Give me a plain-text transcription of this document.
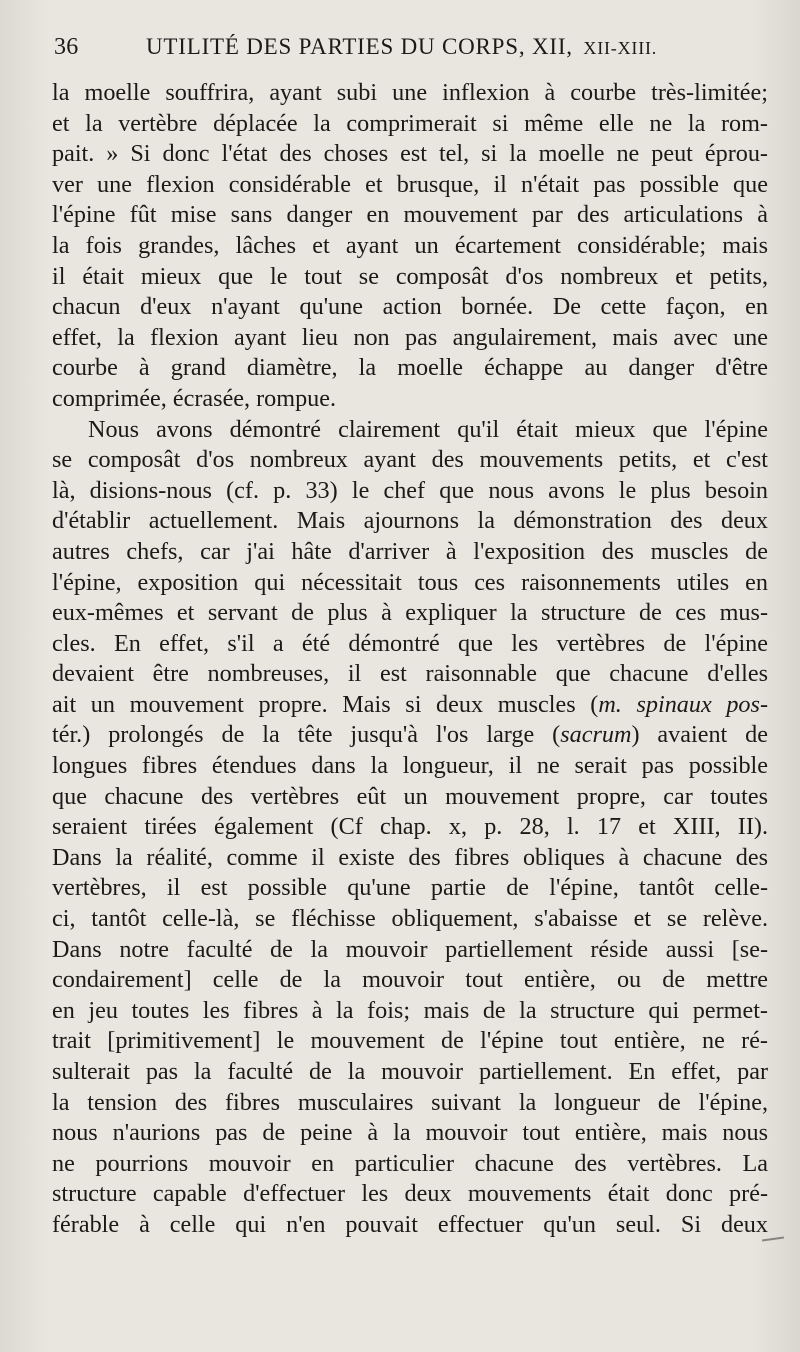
36	UTILITÉ DES PARTIES DU CORPS, XII, XII-XIII.
la moelle souffrira, ayant subi une inflexion à courbe très-limitée;
et la vertèbre déplacée la comprimerait si même elle ne la rom-
pait. » Si donc l'état des choses est tel, si la moelle ne peut éprou-
ver une flexion considérable et brusque, il n'était pas possible que
l'épine fût mise sans danger en mouvement par des articulations à
la fois grandes, lâches et ayant un écartement considérable; mais
il était mieux que le tout se composât d'os nombreux et petits,
chacun d'eux n'ayant qu'une action bornée. De cette façon, en
effet, la flexion ayant lieu non pas angulairement, mais avec une
courbe à grand diamètre, la moelle échappe au danger d'être
comprimée, écrasée, rompue.
Nous avons démontré clairement qu'il était mieux que l'épine
se composât d'os nombreux ayant des mouvements petits, et c'est
là, disions-nous (cf. p. 33) le chef que nous avons le plus besoin
d'établir actuellement. Mais ajournons la démonstration des deux
autres chefs, car j'ai hâte d'arriver à l'exposition des muscles de
l'épine, exposition qui nécessitait tous ces raisonnements utiles en
eux-mêmes et servant de plus à expliquer la structure de ces mus-
cles. En effet, s'il a été démontré que les vertèbres de l'épine
devaient être nombreuses, il est raisonnable que chacune d'elles
ait un mouvement propre. Mais si deux muscles (m. spinaux pos-
tér.) prolongés de la tête jusqu'à l'os large (sacrum) avaient de
longues fibres étendues dans la longueur, il ne serait pas possible
que chacune des vertèbres eût un mouvement propre, car toutes
seraient tirées également (Cf chap. x, p. 28, l. 17 et XIII, II).
Dans la réalité, comme il existe des fibres obliques à chacune des
vertèbres, il est possible qu'une partie de l'épine, tantôt celle-
ci, tantôt celle-là, se fléchisse obliquement, s'abaisse et se relève.
Dans notre faculté de la mouvoir partiellement réside aussi [se-
condairement] celle de la mouvoir tout entière, ou de mettre
en jeu toutes les fibres à la fois; mais de la structure qui permet-
trait [primitivement] le mouvement de l'épine tout entière, ne ré-
sulterait pas la faculté de la mouvoir partiellement. En effet, par
la tension des fibres musculaires suivant la longueur de l'épine,
nous n'aurions pas de peine à la mouvoir tout entière, mais nous
ne pourrions mouvoir en particulier chacune des vertèbres. La
structure capable d'effectuer les deux mouvements était donc pré-
férable à celle qui n'en pouvait effectuer qu'un seul. Si deux
